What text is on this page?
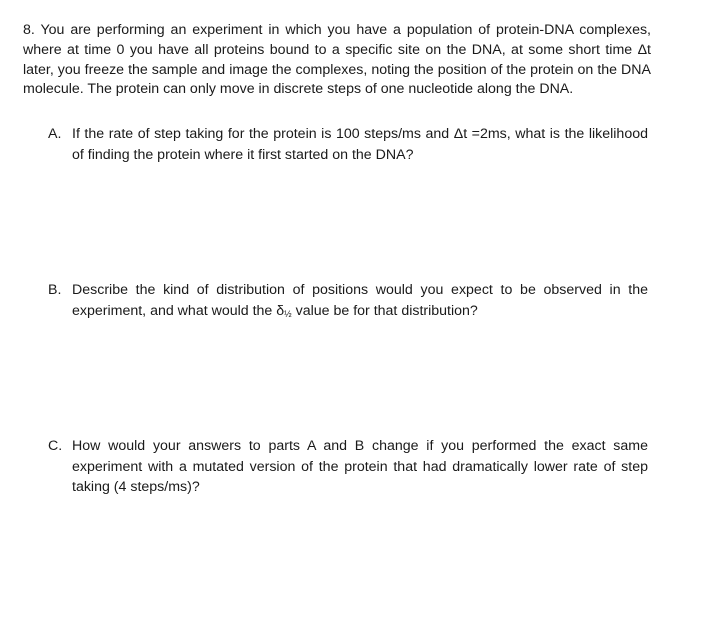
8. You are performing an experiment in which you have a population of protein-DNA complexes, where at time 0 you have all proteins bound to a specific site on the DNA, at some short time Δt later, you freeze the sample and image the complexes, noting the position of the protein on the DNA molecule. The protein can only move in discrete steps of one nucleotide along the DNA.

A. If the rate of step taking for the protein is 100 steps/ms and Δt =2ms, what is the likelihood of finding the protein where it first started on the DNA?
B. Describe the kind of distribution of positions would you expect to be observed in the experiment, and what would the δ½ value be for that distribution?
C. How would your answers to parts A and B change if you performed the exact same experiment with a mutated version of the protein that had dramatically lower rate of step taking (4 steps/ms)?
